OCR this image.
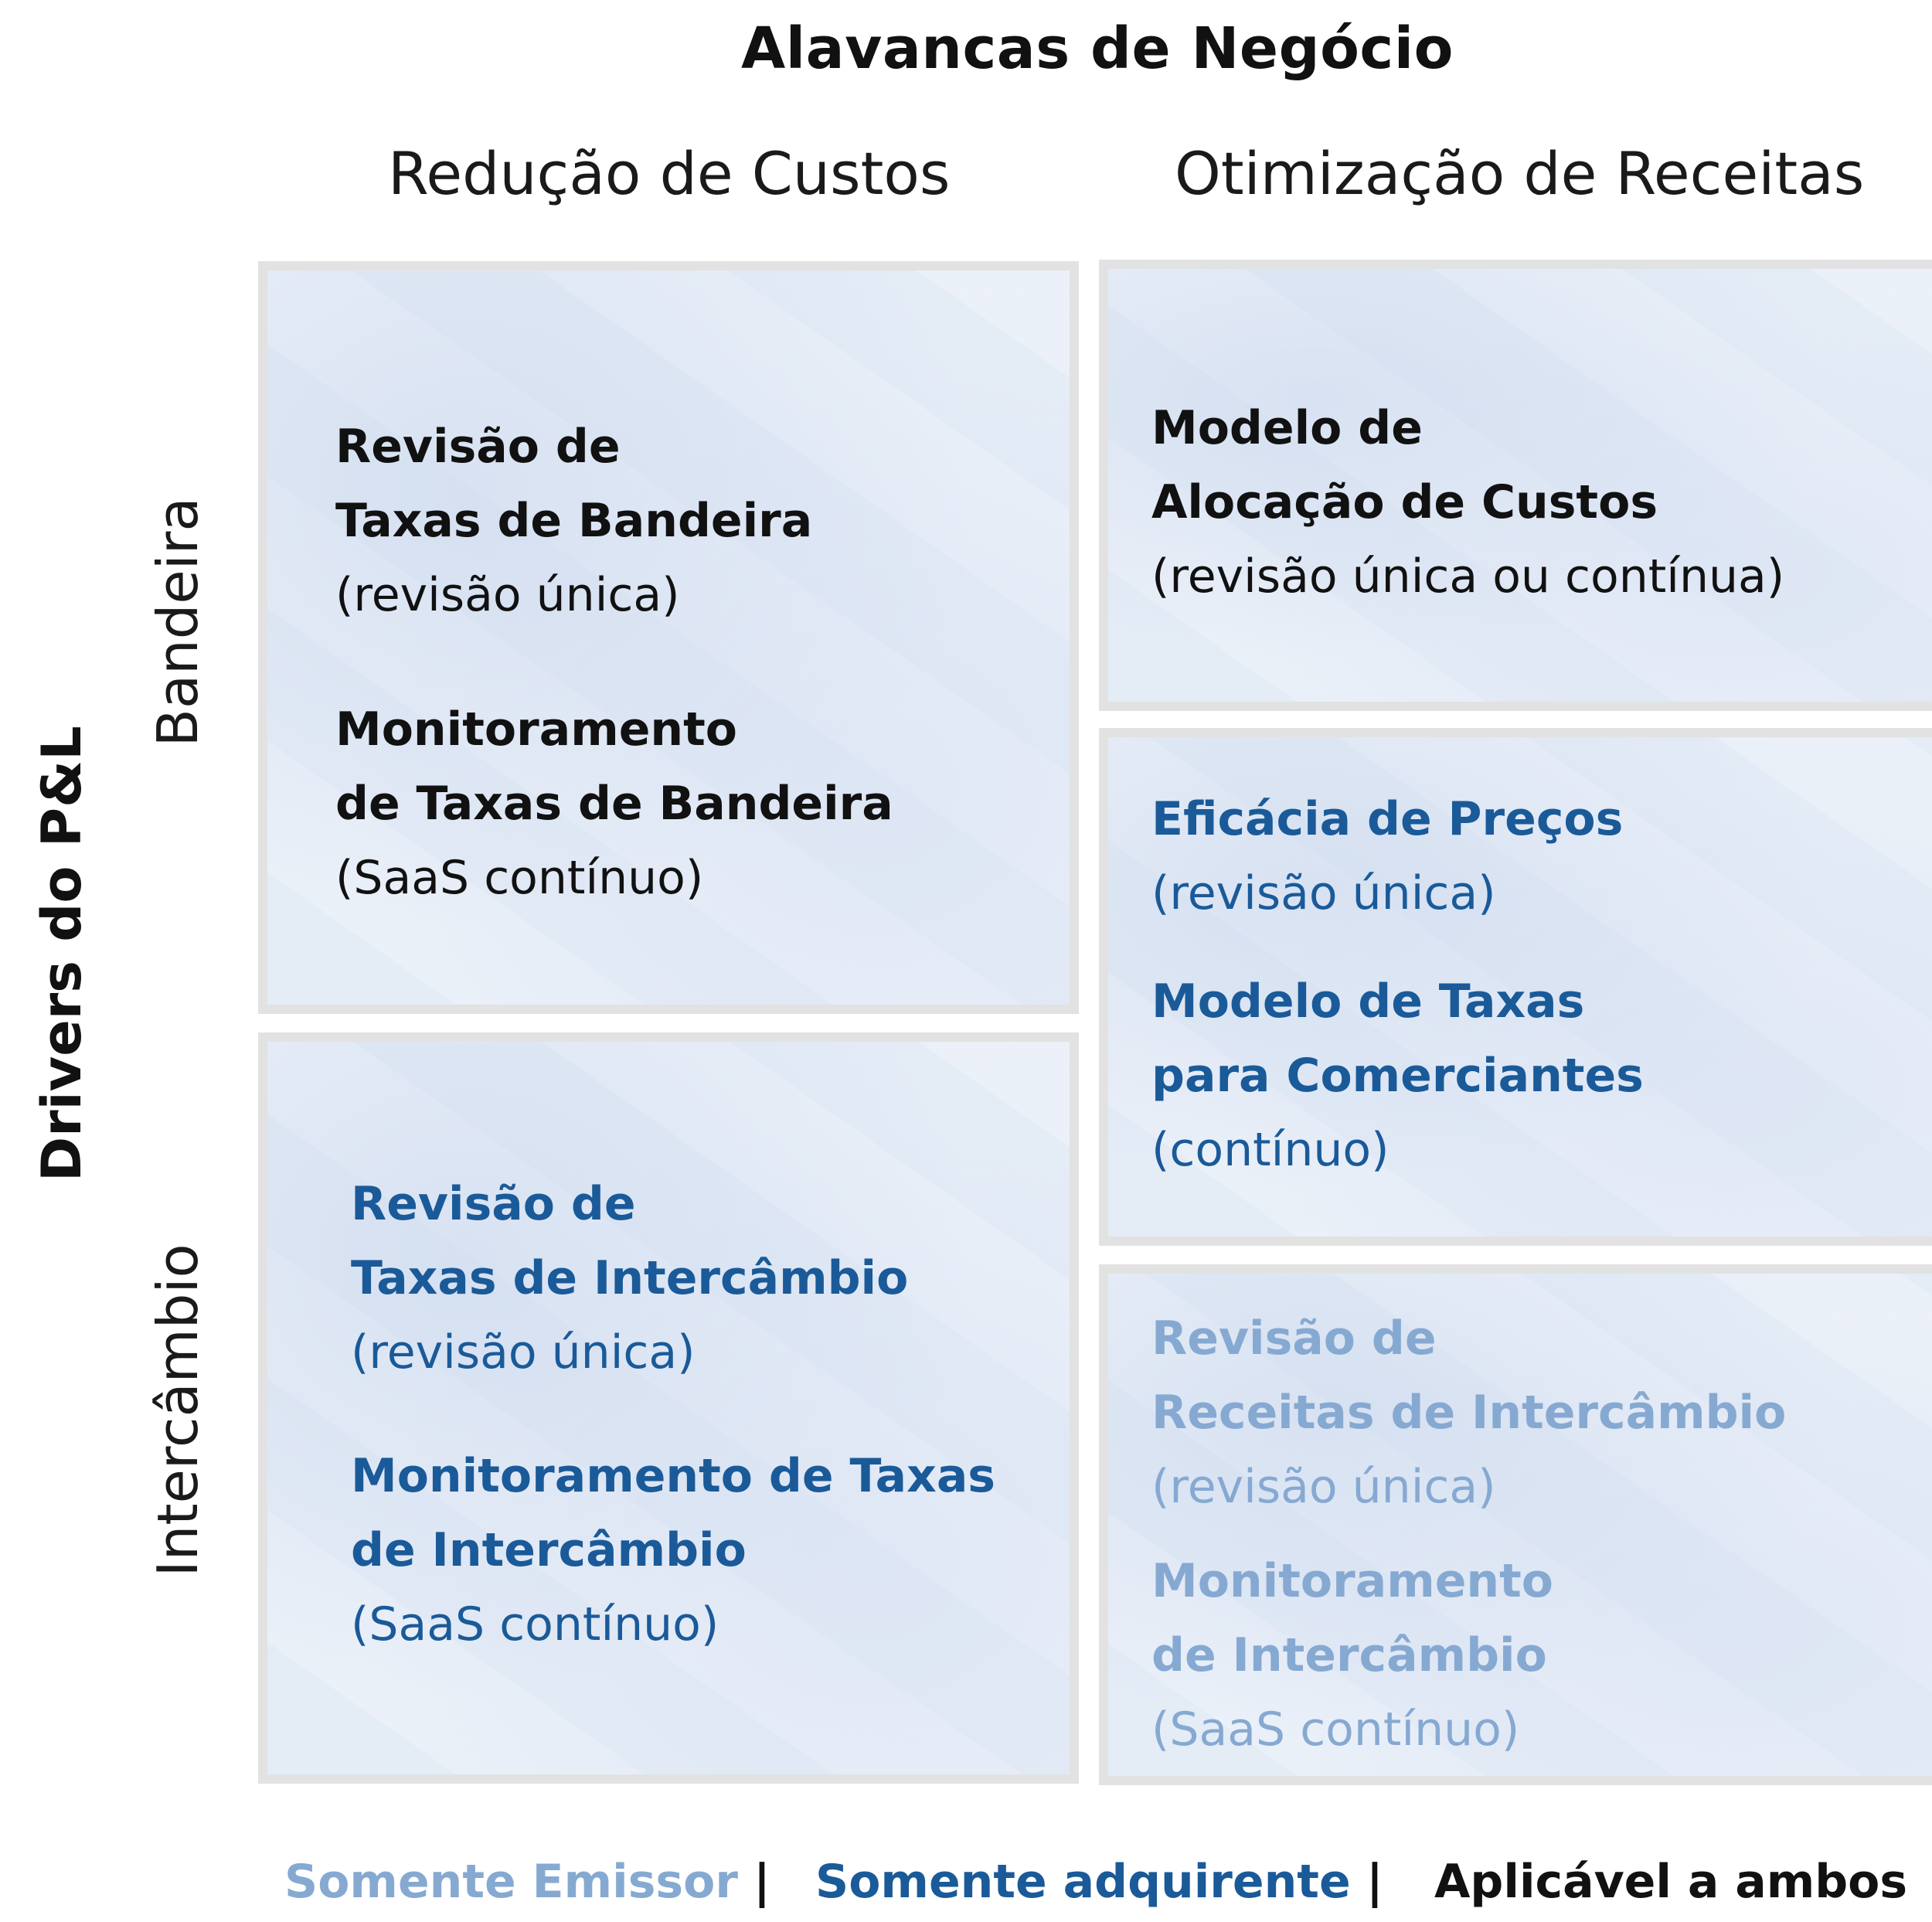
Alavancas de Negócio
Redução de Custos	Otimização de Receitas
Drivers do P&L
Bandeira
Intercâmbio
Revisão de
Taxas de Bandeira
(revisão única)
Monitoramento
de Taxas de Bandeira
(SaaS contínuo)
Revisão de
Taxas de Intercâmbio
(revisão única)
Monitoramento de Taxas
de Intercâmbio
(SaaS contínuo)
Modelo de
Alocação de Custos
(revisão única ou contínua)
Eficácia de Preços
(revisão única)
Modelo de Taxas
para Comerciantes
(contínuo)
Revisão de
Receitas de Intercâmbio
(revisão única)
Monitoramento
de Intercâmbio
(SaaS contínuo)
Somente Emissor | Somente adquirente | Aplicável a ambos
